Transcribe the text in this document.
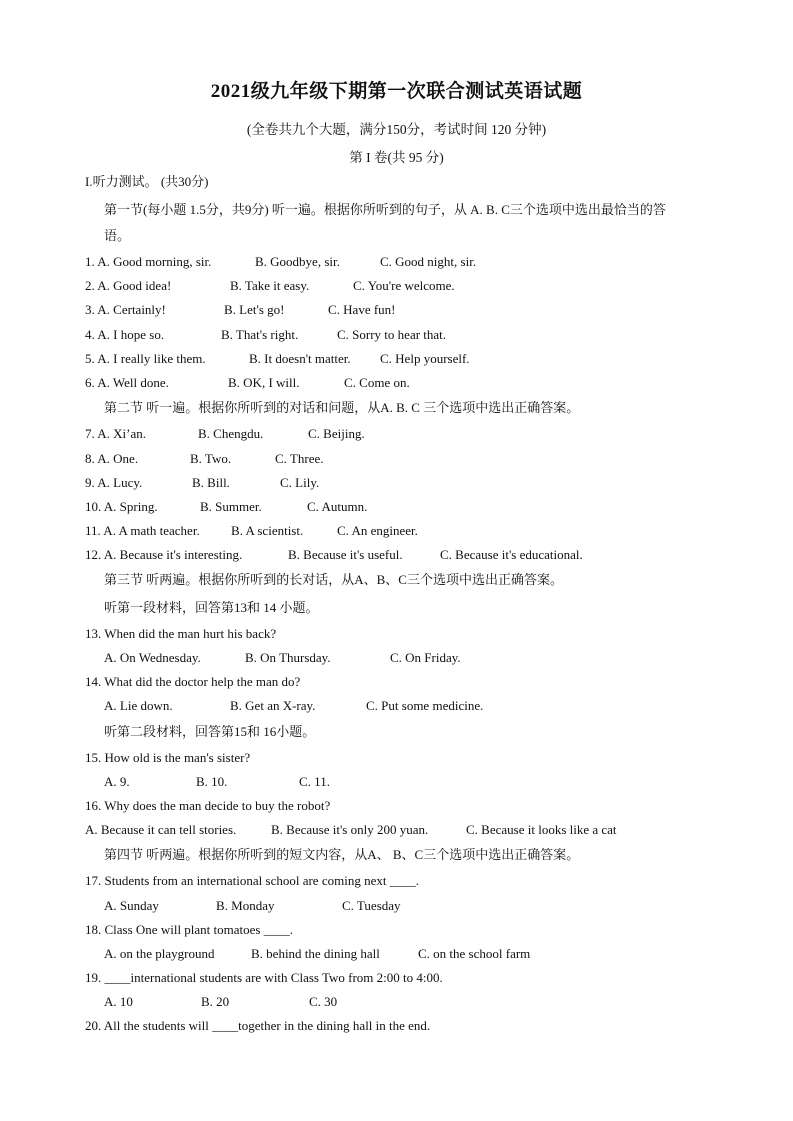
2021级九年级下期第一次联合测试英语试题
(全卷共九个大题，满分150分，考试时间 120 分钟)
第 I 卷(共 95 分)
I.听力测试。 (共30分)
第一节(每小题 1.5分，共9分) 听一遍。根据你所听到的句子，从 A. B. C三个选项中选出最恰当的答
语。
1. A. Good morning, sir.	B. Goodbye, sir.	C. Good night, sir.
2. A. Good idea!	B. Take it easy.	C. You're welcome.
3. A. Certainly!	B. Let's go!	C. Have fun!
4. A. I hope so.	B. That's right.	C. Sorry to hear that.
5. A. I really like them.	B. It doesn't matter. C. Help yourself.
6. A. Well done.	B. OK, I will.	C. Come on.
第二节 听一遍。根据你所听到的对话和问题，从A. B. C 三个选项中选出正确答案。
7. A. Xi’an.	B. Chengdu.	C. Beijing.
8. A. One.	B. Two.	C. Three.
9. A. Lucy.	B. Bill.	C. Lily.
10. A. Spring.	B. Summer.	C. Autumn.
11. A. A math teacher. B. A scientist.	C. An engineer.
12. A. Because it's interesting.	B. Because it's useful.	C. Because it's educational.
第三节 听两遍。根据你所听到的长对话，从A、B、C三个选项中选出正确答案。
听第一段材料，回答第13和 14 小题。
13. When did the man hurt his back?
A. On Wednesday.	B. On Thursday.	C. On Friday.
14. What did the doctor help the man do?
A. Lie down.	B. Get an X-ray.	C. Put some medicine.
听第二段材料，回答第15和 16小题。
15. How old is the man's sister?
A. 9.	B. 10.	C. 11.
16. Why does the man decide to buy the robot?
A. Because it can tell stories.	B. Because it's only 200 yuan.	C. Because it looks like a cat
第四节 听两遍。根据你所听到的短文内容，从A、 B、C三个选项中选出正确答案。
17. Students from an international school are coming next ____.
A. Sunday	B. Monday	C. Tuesday
18. Class One will plant tomatoes ____.
A. on the playground	B. behind the dining hall	C. on the school farm
19. ____international students are with Class Two from 2:00 to 4:00.
A. 10	B. 20	C. 30
20. All the students will ____together in the dining hall in the end.
